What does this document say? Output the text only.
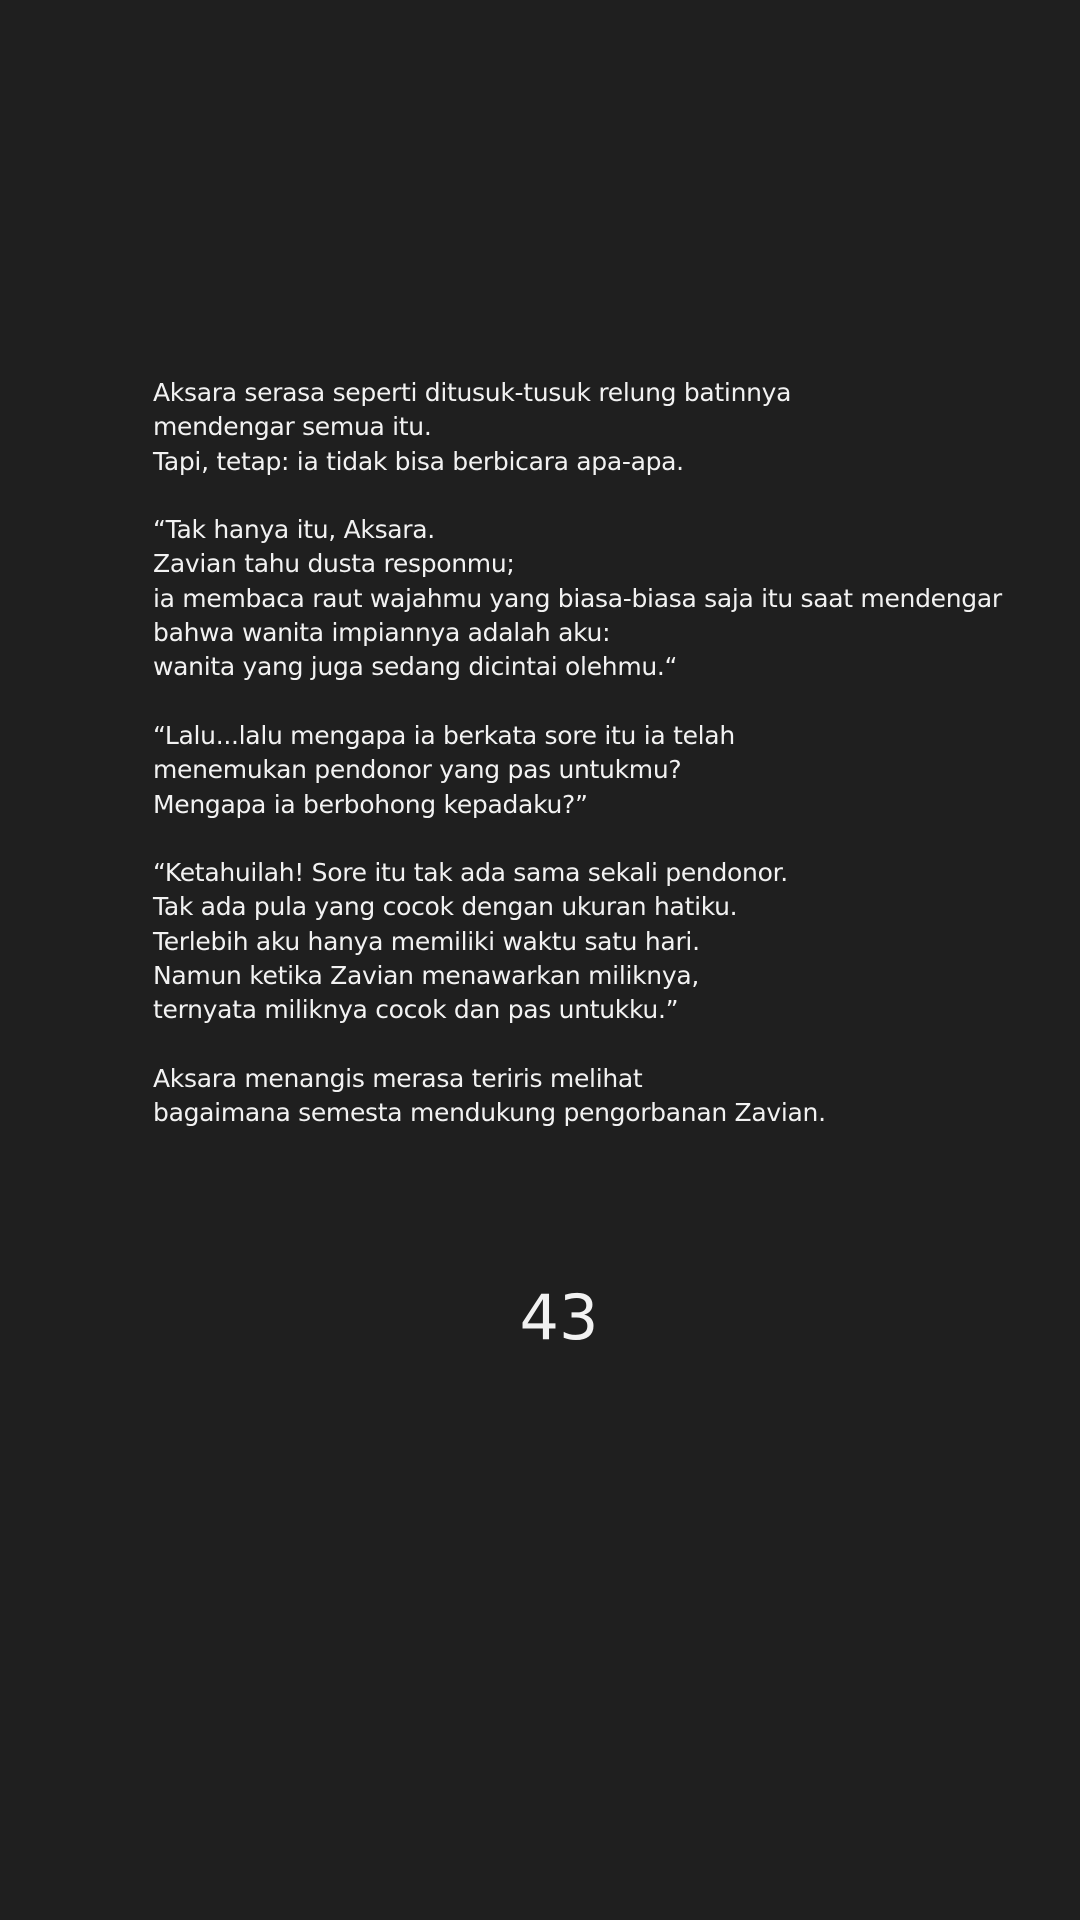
Aksara serasa seperti ditusuk-tusuk relung batinnya
mendengar semua itu.
Tapi, tetap: ia tidak bisa berbicara apa-apa.

“Tak hanya itu, Aksara.
Zavian tahu dusta responmu;
ia membaca raut wajahmu yang biasa-biasa saja itu saat mendengar
bahwa wanita impiannya adalah aku:
wanita yang juga sedang dicintai olehmu.“

“Lalu...lalu mengapa ia berkata sore itu ia telah
menemukan pendonor yang pas untukmu?
Mengapa ia berbohong kepadaku?”

“Ketahuilah! Sore itu tak ada sama sekali pendonor.
Tak ada pula yang cocok dengan ukuran hatiku.
Terlebih aku hanya memiliki waktu satu hari.
Namun ketika Zavian menawarkan miliknya,
ternyata miliknya cocok dan pas untukku.”

Aksara menangis merasa teriris melihat
bagaimana semesta mendukung pengorbanan Zavian.

43
